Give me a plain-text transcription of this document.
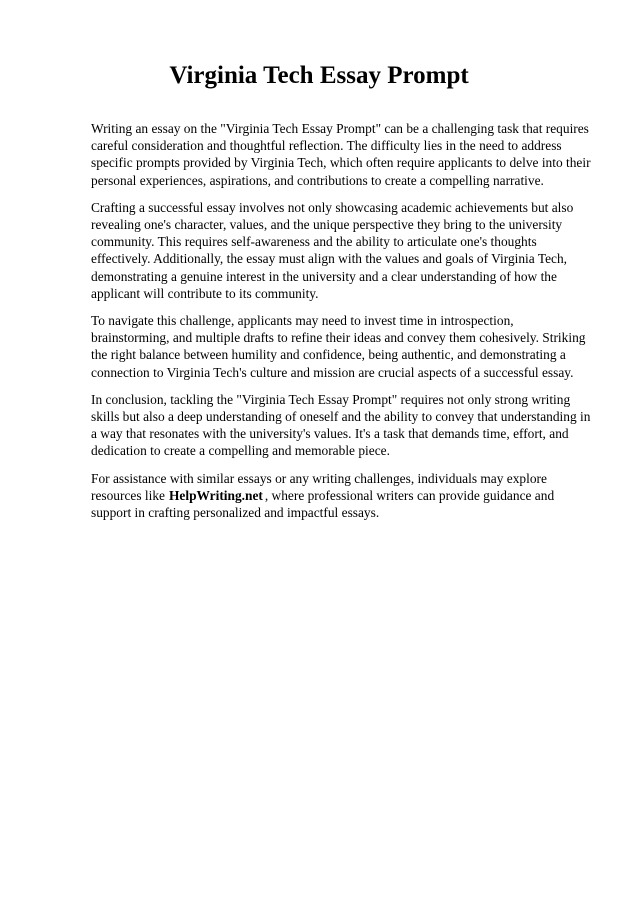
Virginia Tech Essay Prompt

Writing an essay on the "Virginia Tech Essay Prompt" can be a challenging task that requires careful consideration and thoughtful reflection. The difficulty lies in the need to address specific prompts provided by Virginia Tech, which often require applicants to delve into their personal experiences, aspirations, and contributions to create a compelling narrative.

Crafting a successful essay involves not only showcasing academic achievements but also revealing one's character, values, and the unique perspective they bring to the university community. This requires self-awareness and the ability to articulate one's thoughts effectively. Additionally, the essay must align with the values and goals of Virginia Tech, demonstrating a genuine interest in the university and a clear understanding of how the applicant will contribute to its community.

To navigate this challenge, applicants may need to invest time in introspection, brainstorming, and multiple drafts to refine their ideas and convey them cohesively. Striking the right balance between humility and confidence, being authentic, and demonstrating a connection to Virginia Tech's culture and mission are crucial aspects of a successful essay.

In conclusion, tackling the "Virginia Tech Essay Prompt" requires not only strong writing skills but also a deep understanding of oneself and the ability to convey that understanding in a way that resonates with the university's values. It's a task that demands time, effort, and dedication to create a compelling and memorable piece.

For assistance with similar essays or any writing challenges, individuals may explore resources like HelpWriting.net , where professional writers can provide guidance and support in crafting personalized and impactful essays.
